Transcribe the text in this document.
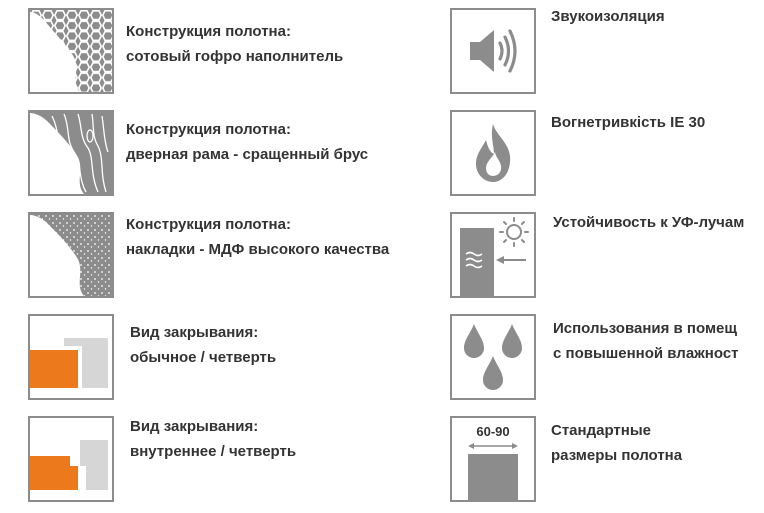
Конструкция полотна:
сотовый гофро наполнитель
Конструкция полотна:
дверная рама - сращенный брус
Конструкция полотна:
накладки - МДФ высокого качества
Вид закрывания:
обычное / четверть
Вид закрывания:
внутреннее / четверть
Звукоизоляция
Вогнетривкість IE 30
Устойчивость к УФ-лучам
Использования в помещ
с повышенной влажност
60-90	Стандартные
размеры полотна
